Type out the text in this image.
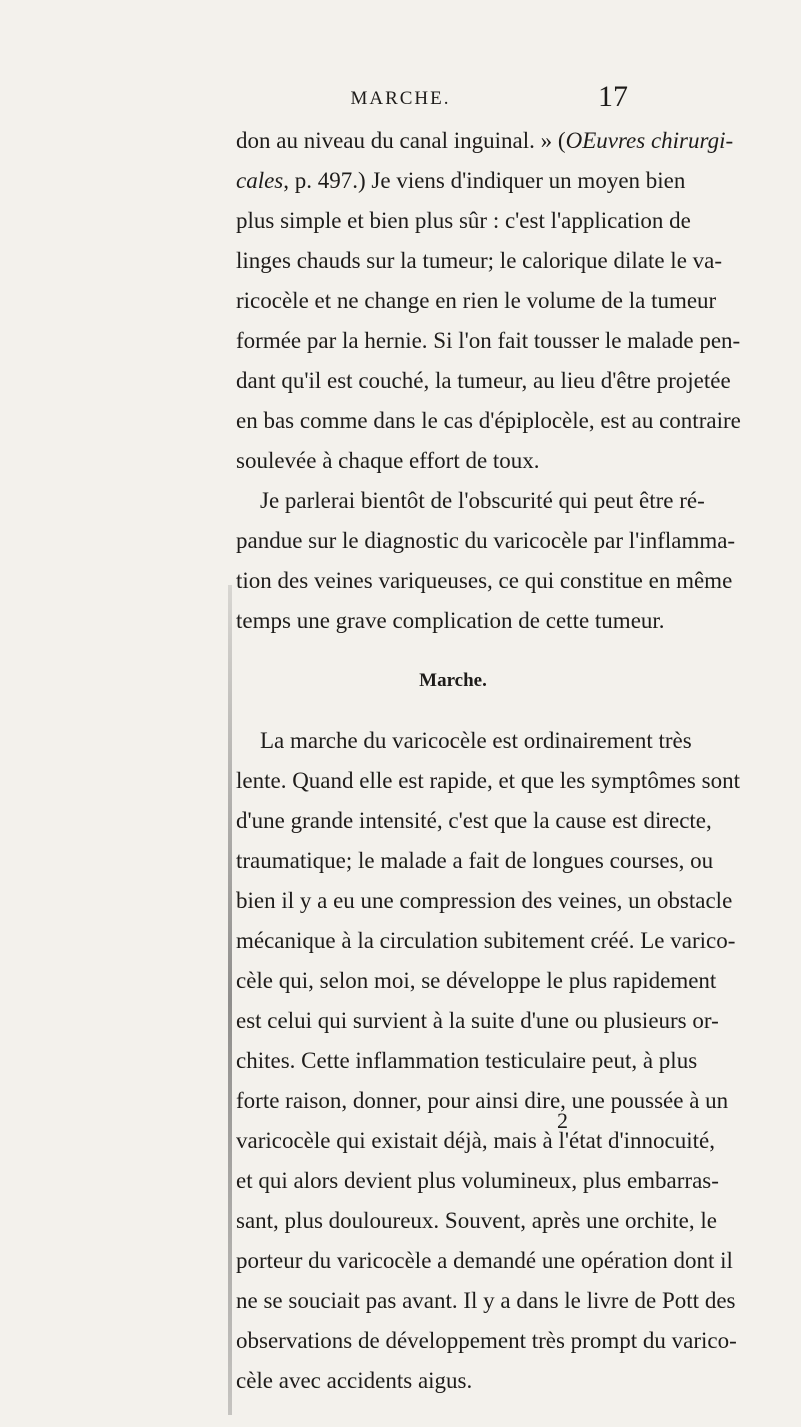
MARCHE.	17
don au niveau du canal inguinal. » (OEuvres chirurgi-
cales, p. 497.) Je viens d'indiquer un moyen bien
plus simple et bien plus sûr : c'est l'application de
linges chauds sur la tumeur; le calorique dilate le va-
ricocèle et ne change en rien le volume de la tumeur
formée par la hernie. Si l'on fait tousser le malade pen-
dant qu'il est couché, la tumeur, au lieu d'être projetée
en bas comme dans le cas d'épiplocèle, est au contraire
soulevée à chaque effort de toux.
Je parlerai bientôt de l'obscurité qui peut être ré-
pandue sur le diagnostic du varicocèle par l'inflamma-
tion des veines variqueuses, ce qui constitue en même
temps une grave complication de cette tumeur.
Marche.
La marche du varicocèle est ordinairement très
lente. Quand elle est rapide, et que les symptômes sont
d'une grande intensité, c'est que la cause est directe,
traumatique; le malade a fait de longues courses, ou
bien il y a eu une compression des veines, un obstacle
mécanique à la circulation subitement créé. Le varico-
cèle qui, selon moi, se développe le plus rapidement
est celui qui survient à la suite d'une ou plusieurs or-
chites. Cette inflammation testiculaire peut, à plus
forte raison, donner, pour ainsi dire, une poussée à un
varicocèle qui existait déjà, mais à l'état d'innocuité,
et qui alors devient plus volumineux, plus embarras-
sant, plus douloureux. Souvent, après une orchite, le
porteur du varicocèle a demandé une opération dont il
ne se souciait pas avant. Il y a dans le livre de Pott des
observations de développement très prompt du varico-
cèle avec accidents aigus.
2
